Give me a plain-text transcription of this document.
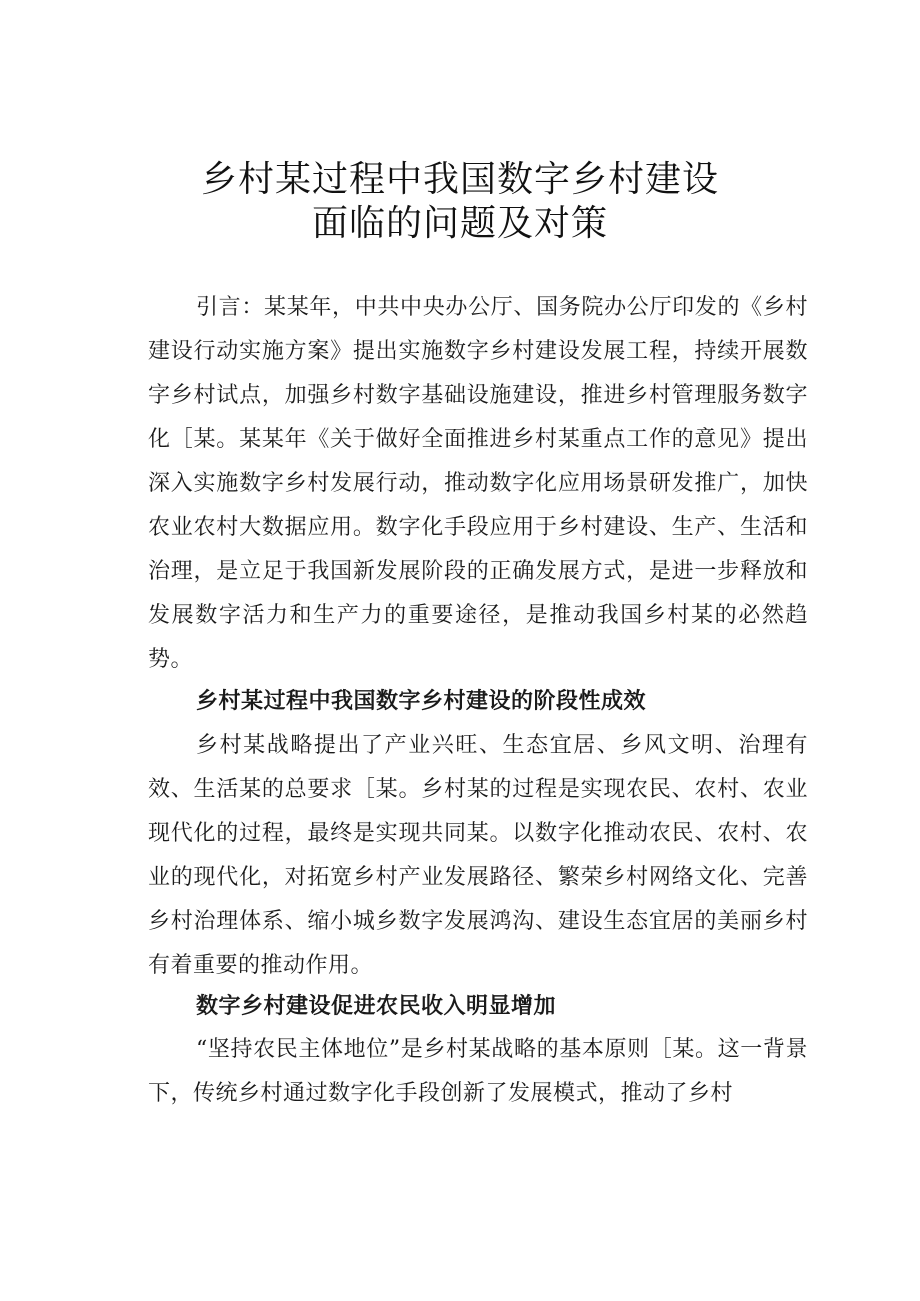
乡村某过程中我国数字乡村建设
面临的问题及对策

引言：某某年，中共中央办公厅、国务院办公厅印发的《乡村建设行动实施方案》提出实施数字乡村建设发展工程，持续开展数字乡村试点，加强乡村数字基础设施建设，推进乡村管理服务数字化［某。某某年《关于做好全面推进乡村某重点工作的意见》提出深入实施数字乡村发展行动，推动数字化应用场景研发推广，加快农业农村大数据应用。数字化手段应用于乡村建设、生产、生活和治理，是立足于我国新发展阶段的正确发展方式，是进一步释放和发展数字活力和生产力的重要途径，是推动我国乡村某的必然趋势。

乡村某过程中我国数字乡村建设的阶段性成效

乡村某战略提出了产业兴旺、生态宜居、乡风文明、治理有效、生活某的总要求［某。乡村某的过程是实现农民、农村、农业现代化的过程，最终是实现共同某。以数字化推动农民、农村、农业的现代化，对拓宽乡村产业发展路径、繁荣乡村网络文化、完善乡村治理体系、缩小城乡数字发展鸿沟、建设生态宜居的美丽乡村有着重要的推动作用。

数字乡村建设促进农民收入明显增加

“坚持农民主体地位”是乡村某战略的基本原则［某。这一背景下，传统乡村通过数字化手段创新了发展模式，推动了乡村
